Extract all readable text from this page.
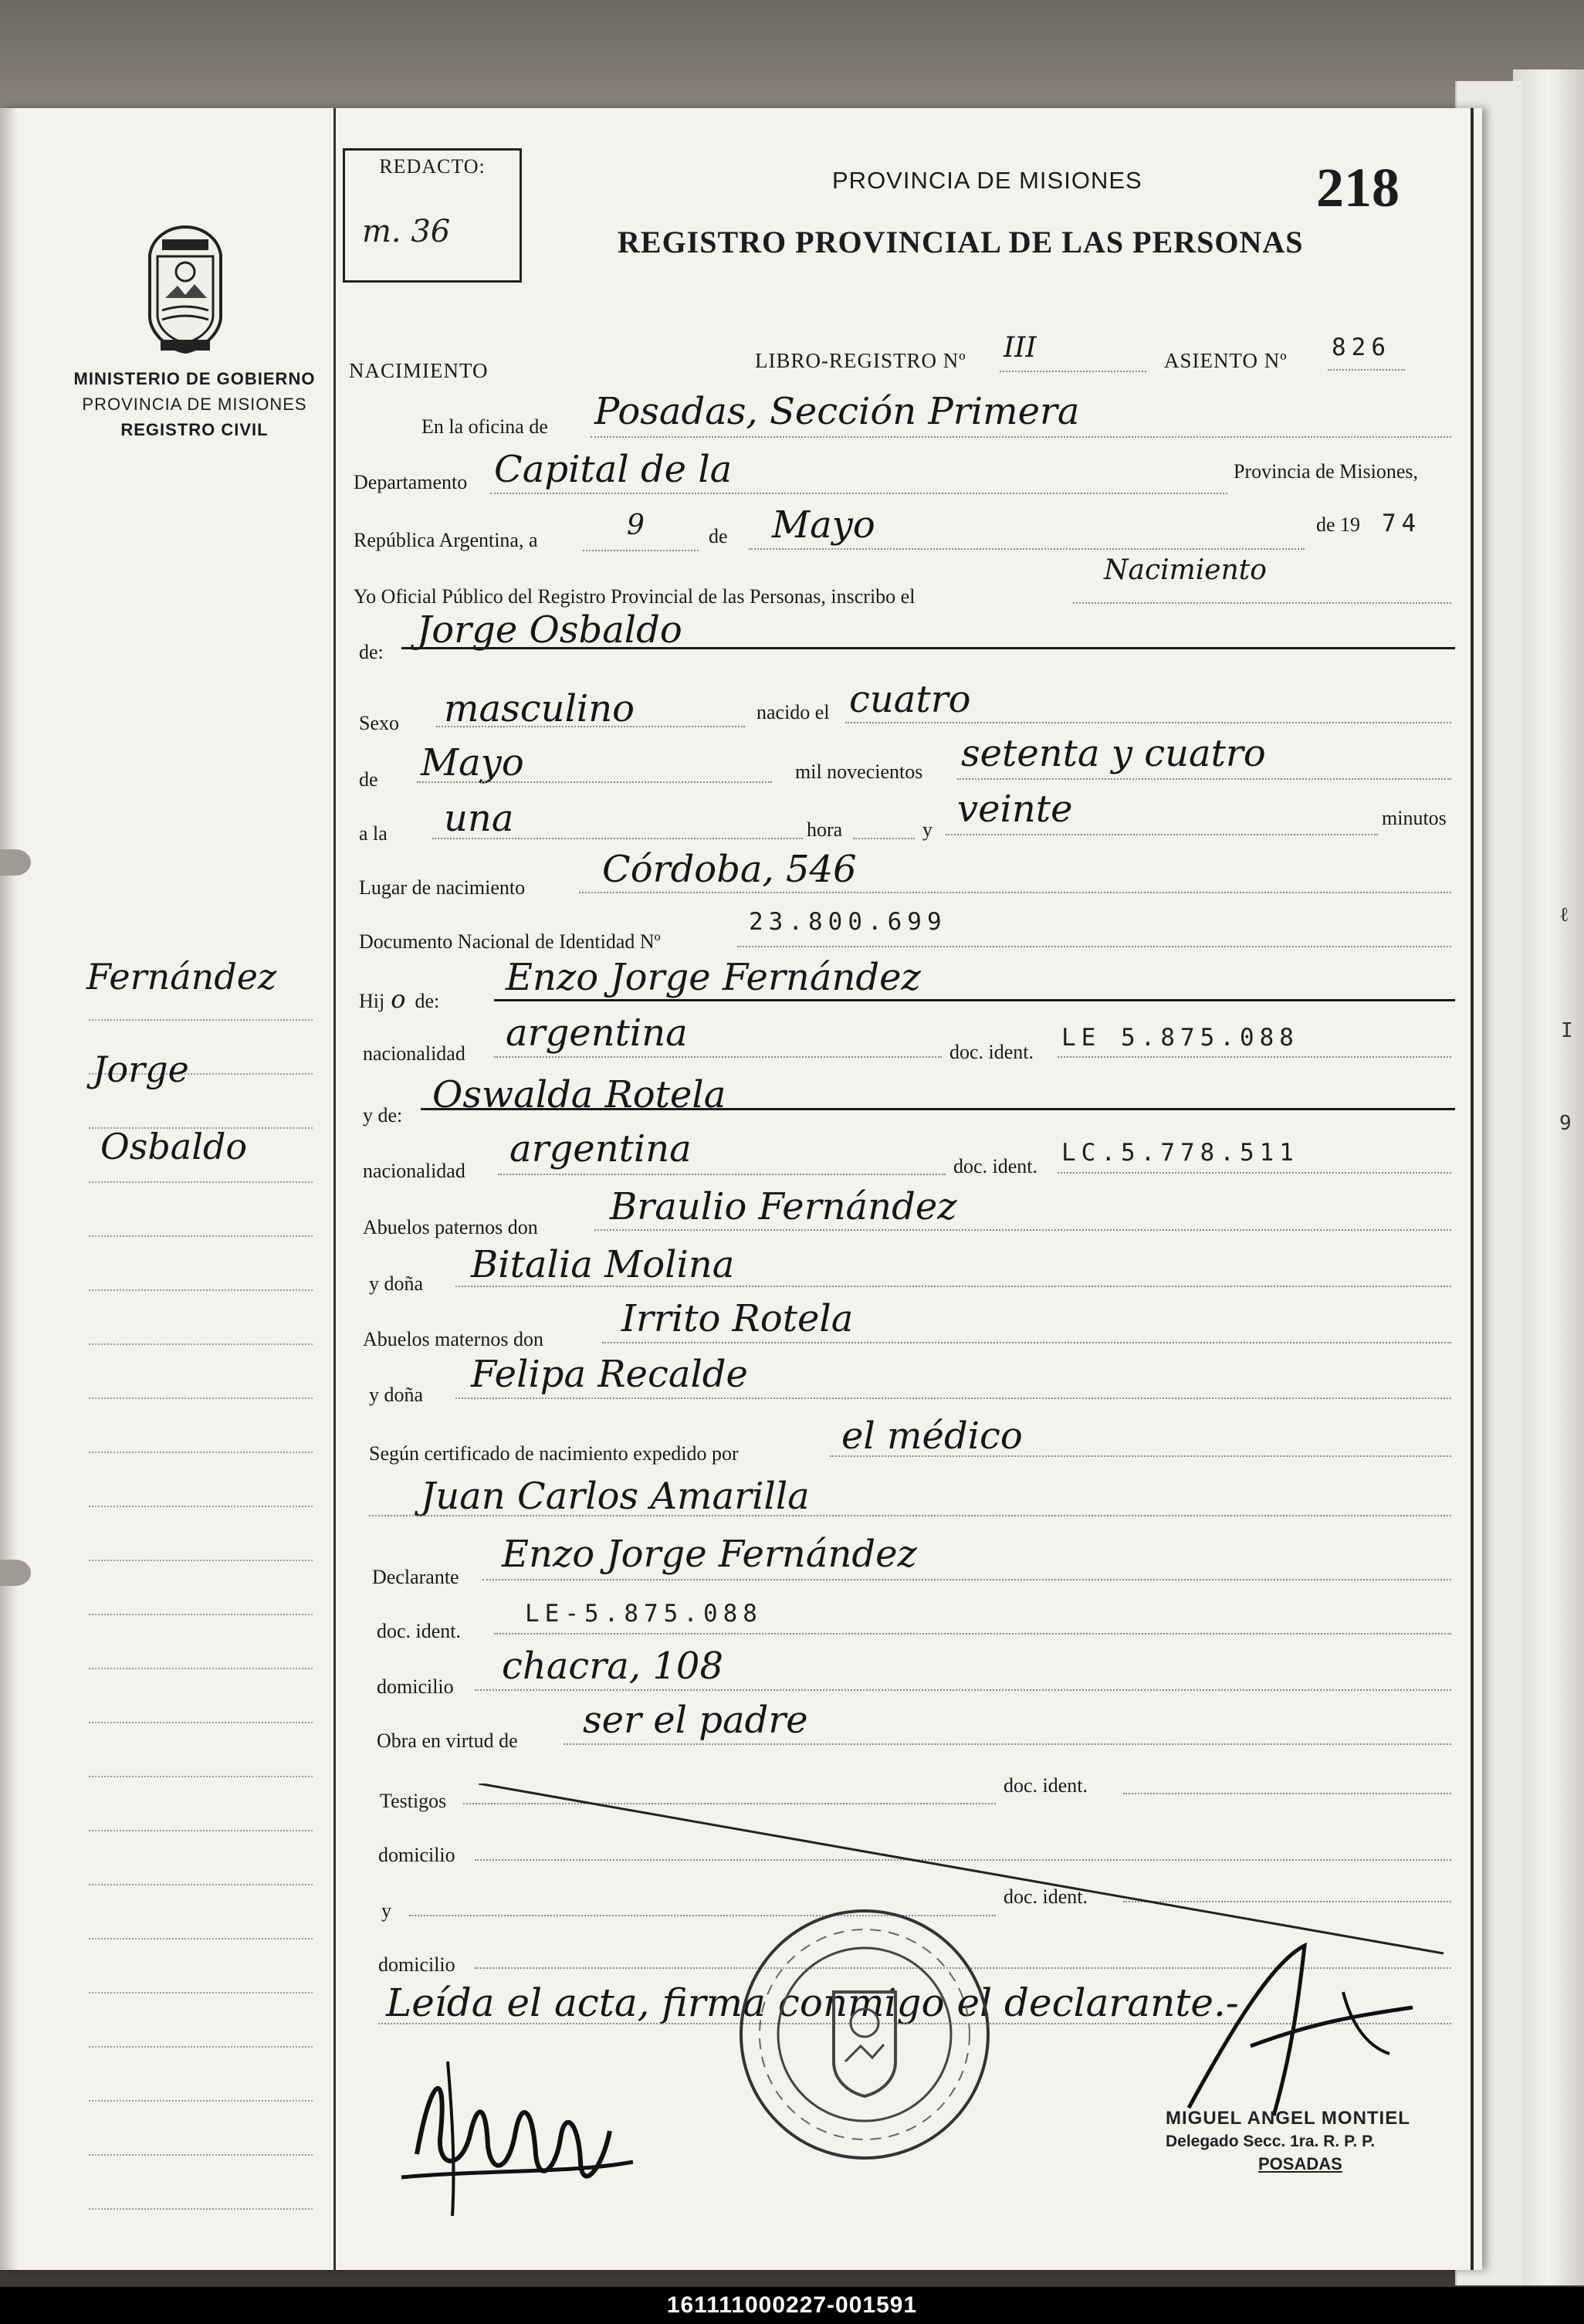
ℓ
I
9
Fernández
Jorge
Osbaldo
MINISTERIO DE GOBIERNO
PROVINCIA DE MISIONES
REGISTRO CIVIL
REDACTO:
m. 36
PROVINCIA DE MISIONES
REGISTRO PROVINCIAL DE LAS PERSONAS
218
NACIMIENTO	LIBRO-REGISTRO Nº III	ASIENTO Nº 826
En la oficina de Posadas, Sección Primera
Departamento Capital de la	Provincia de Misiones,
República Argentina, a	9	de Mayo	de 19 74
Yo Oficial Público del Registro Provincial de las Personas, inscribo el
Nacimiento
de:
Jorge Osbaldo
Sexo masculino	nacido el cuatro
de Mayo	mil novecientos setenta y cuatro
a la una	hora	y veinte	minutos
Lugar de nacimiento Córdoba, 546
Documento Nacional de Identidad Nº
23.800.699
Hij o de:
Enzo Jorge Fernández
nacionalidad argentina	doc. ident.
LE 5.875.088
y de: Oswalda Rotela
nacionalidad
argentina	doc. ident. LC.5.778.511
Abuelos paternos don Braulio Fernández
y doña Bitalia Molina
Abuelos maternos don Irrito Rotela
y doña Felipa Recalde
Según certificado de nacimiento expedido por	el médico
Juan Carlos Amarilla
Declarante
Enzo Jorge Fernández
doc. ident.
LE-5.875.088
domicilio chacra, 108
Obra en virtud de ser el padre
Testigos
doc. ident.
domicilio
y
doc. ident.
domicilio
Leída el acta, firma conmigo el declarante.-
MIGUEL ANGEL MONTIEL
Delegado Secc. 1ra. R. P. P.
POSADAS
161111000227-001591
